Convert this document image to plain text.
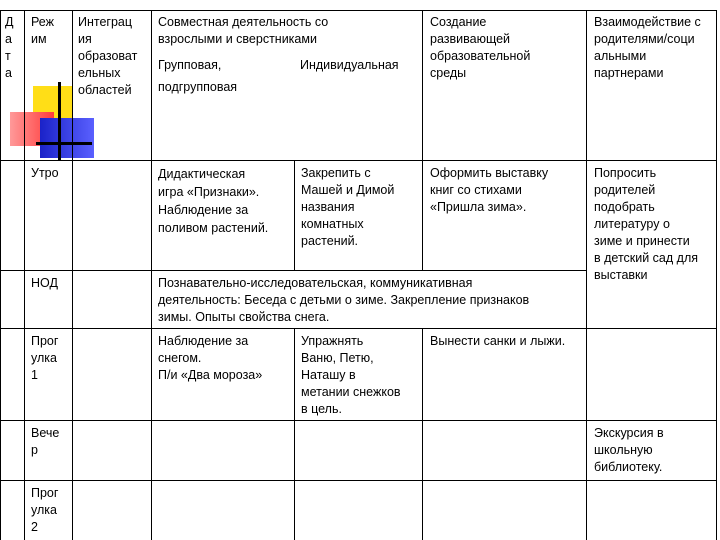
Д
а
т
а
Реж
им
Интеграц
ия
образоват
ельных
областей
Совместная деятельность со
взрослыми и сверстниками
Групповая,
подгрупповая
Индивидуальная
Создание
развивающей
образовательной
среды
Взаимодействие с
родителями/соци
альными
партнерами
Утро	Дидактическая
игра «Признаки».
Наблюдение за
поливом растений.
Закрепить с
Машей и Димой
названия
комнатных
растений.
Оформить выставку
книг со стихами
«Пришла зима».
Попросить
родителей
подобрать
литературу о
зиме и принести
в детский сад для
выставки
НОД	Познавательно-исследовательская, коммуникативная
деятельность: Беседа с детьми о зиме. Закрепление признаков
зимы. Опыты свойства снега.
Прог
улка
1
Наблюдение за
снегом.
П/и «Два мороза»
Упражнять
Ваню, Петю,
Наташу в
метании снежков
в цель.
Вынести санки и лыжи.
Вече
р
Экскурсия в
школьную
библиотеку.
Прог
улка
2
